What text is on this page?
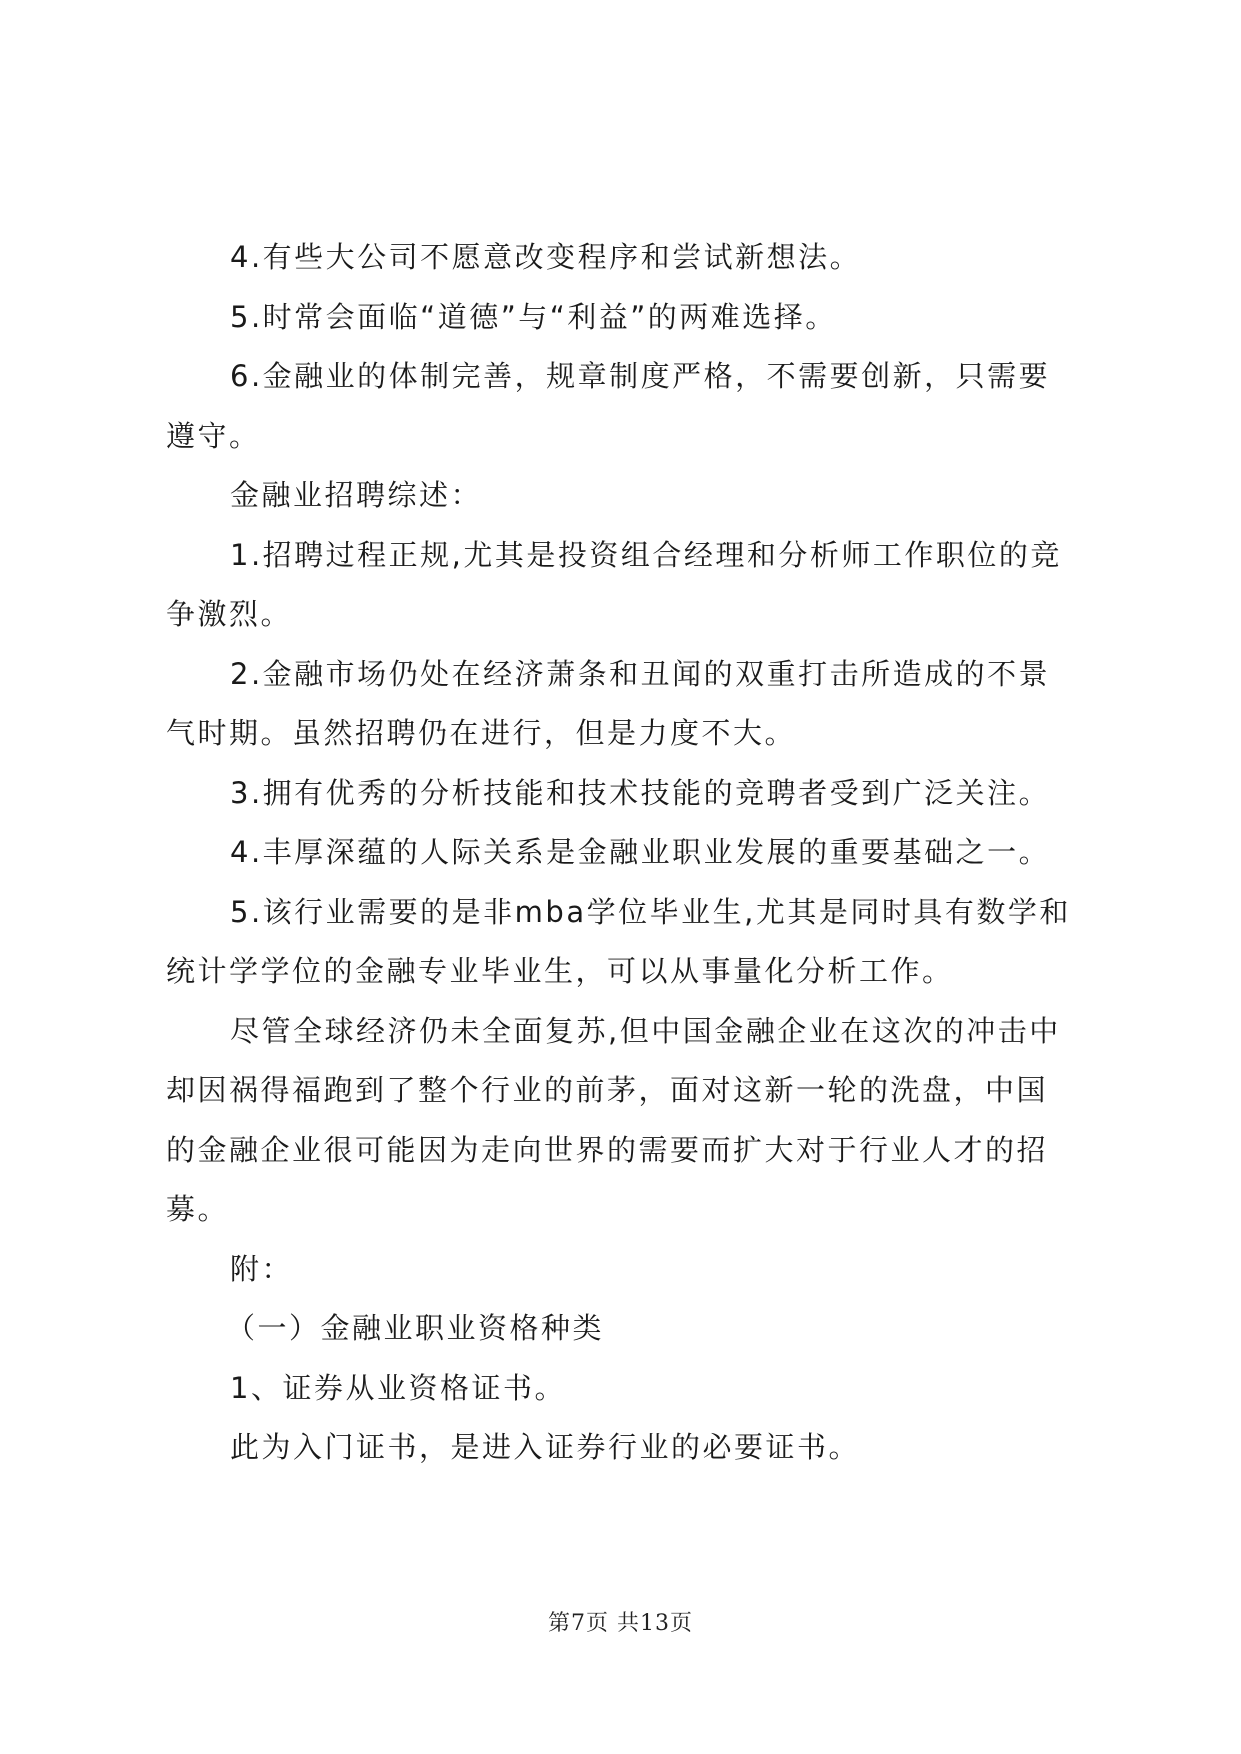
4.有些大公司不愿意改变程序和尝试新想法。

5.时常会面临“道德”与“利益”的两难选择。

6.金融业的体制完善，规章制度严格，不需要创新，只需要遵守。

金融业招聘综述：

1.招聘过程正规,尤其是投资组合经理和分析师工作职位的竞争激烈。

2.金融市场仍处在经济萧条和丑闻的双重打击所造成的不景气时期。虽然招聘仍在进行，但是力度不大。

3.拥有优秀的分析技能和技术技能的竞聘者受到广泛关注。

4.丰厚深蕴的人际关系是金融业职业发展的重要基础之一。

5.该行业需要的是非mba学位毕业生,尤其是同时具有数学和统计学学位的金融专业毕业生，可以从事量化分析工作。

尽管全球经济仍未全面复苏,但中国金融企业在这次的冲击中却因祸得福跑到了整个行业的前茅，面对这新一轮的洗盘，中国的金融企业很可能因为走向世界的需要而扩大对于行业人才的招募。

附：

（一）金融业职业资格种类

1、证券从业资格证书。

此为入门证书，是进入证券行业的必要证书。

第7页 共13页
